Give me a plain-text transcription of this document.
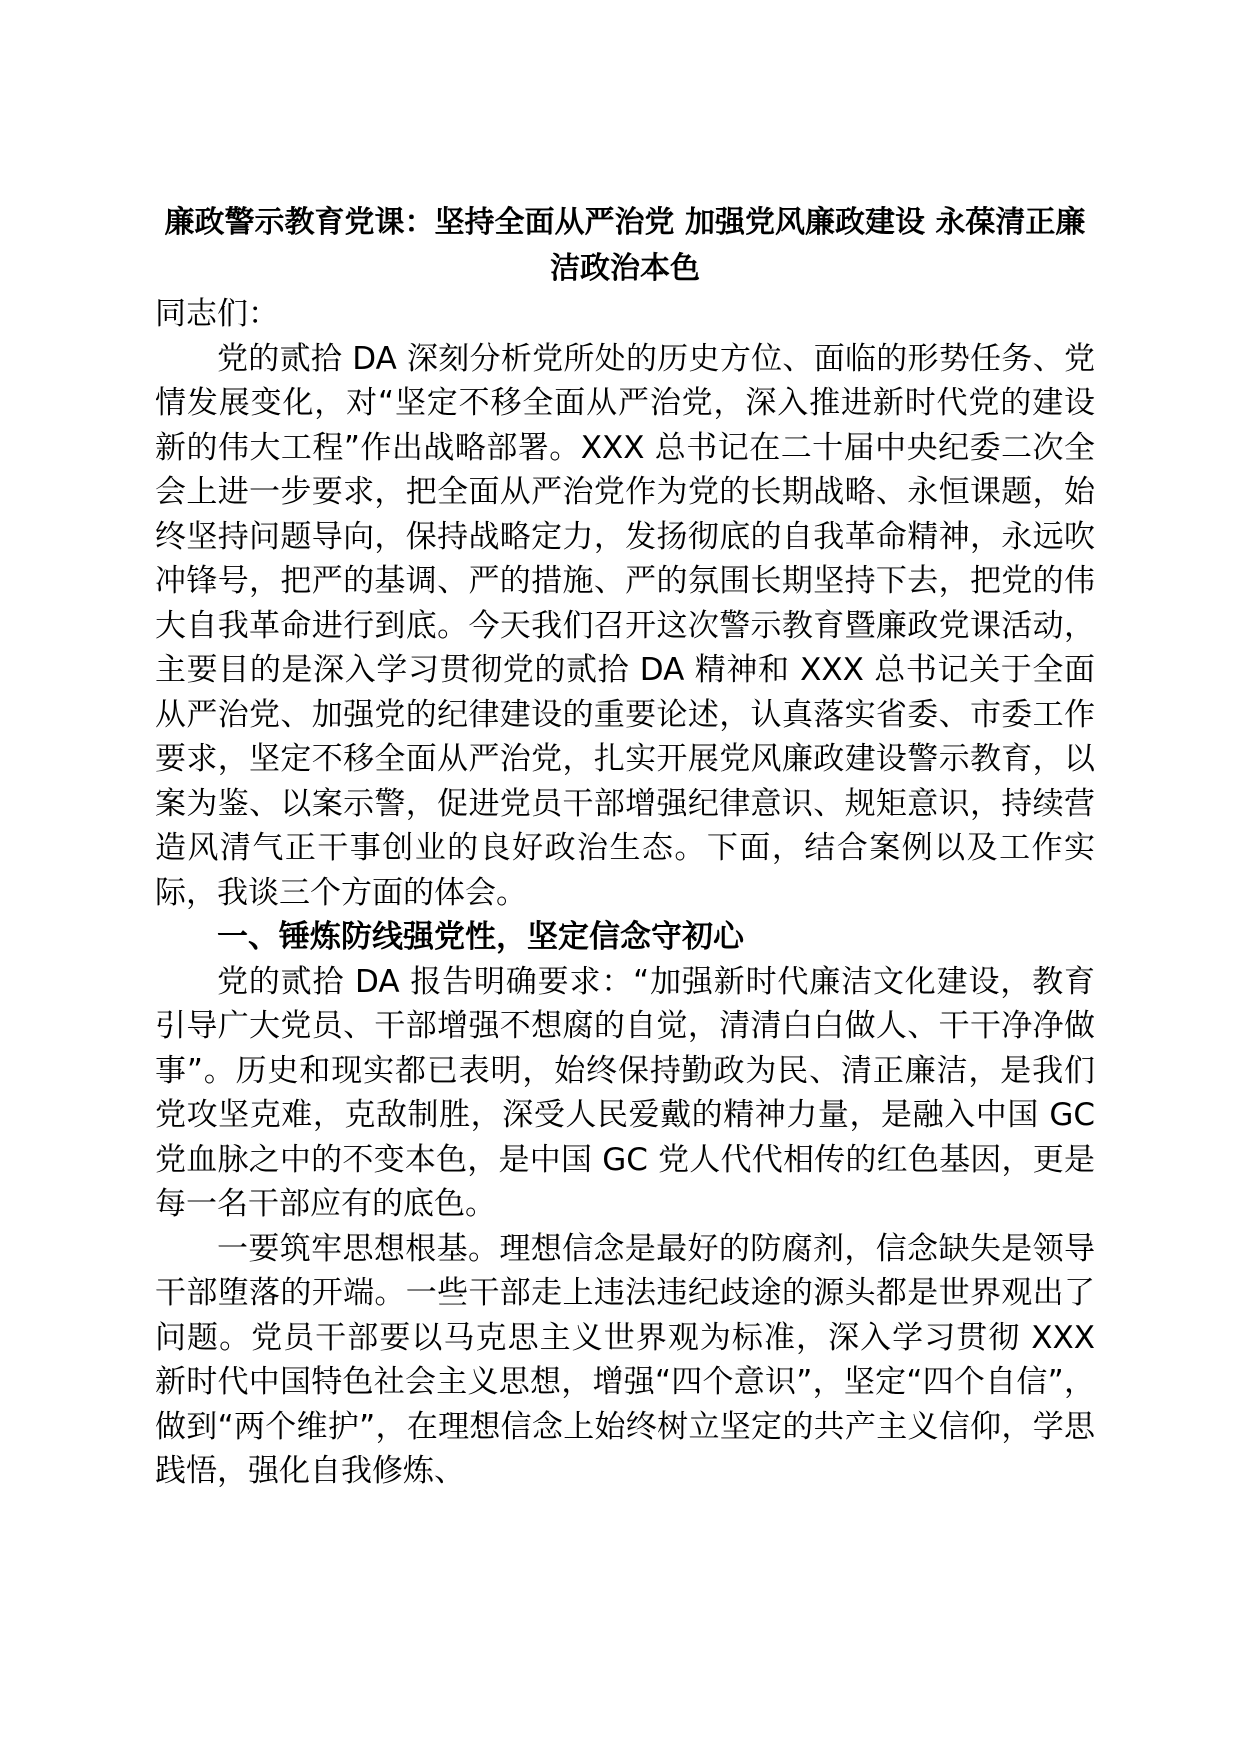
廉政警示教育党课：坚持全面从严治党 加强党风廉政建设 永葆清正廉洁政治本色

同志们：

党的贰拾 DA 深刻分析党所处的历史方位、面临的形势任务、党情发展变化，对“坚定不移全面从严治党，深入推进新时代党的建设新的伟大工程”作出战略部署。XXX 总书记在二十届中央纪委二次全会上进一步要求，把全面从严治党作为党的长期战略、永恒课题，始终坚持问题导向，保持战略定力，发扬彻底的自我革命精神，永远吹冲锋号，把严的基调、严的措施、严的氛围长期坚持下去，把党的伟大自我革命进行到底。今天我们召开这次警示教育暨廉政党课活动，主要目的是深入学习贯彻党的贰拾 DA 精神和 XXX 总书记关于全面从严治党、加强党的纪律建设的重要论述，认真落实省委、市委工作要求，坚定不移全面从严治党，扎实开展党风廉政建设警示教育，以案为鉴、以案示警，促进党员干部增强纪律意识、规矩意识，持续营造风清气正干事创业的良好政治生态。下面，结合案例以及工作实际，我谈三个方面的体会。

一、锤炼防线强党性，坚定信念守初心

党的贰拾 DA 报告明确要求：“加强新时代廉洁文化建设，教育引导广大党员、干部增强不想腐的自觉，清清白白做人、干干净净做事”。历史和现实都已表明，始终保持勤政为民、清正廉洁，是我们党攻坚克难，克敌制胜，深受人民爱戴的精神力量，是融入中国 GC 党血脉之中的不变本色，是中国 GC 党人代代相传的红色基因，更是每一名干部应有的底色。

一要筑牢思想根基。理想信念是最好的防腐剂，信念缺失是领导干部堕落的开端。一些干部走上违法违纪歧途的源头都是世界观出了问题。党员干部要以马克思主义世界观为标准，深入学习贯彻 XXX 新时代中国特色社会主义思想，增强“四个意识”，坚定“四个自信”，做到“两个维护”，在理想信念上始终树立坚定的共产主义信仰，学思践悟，强化自我修炼、
